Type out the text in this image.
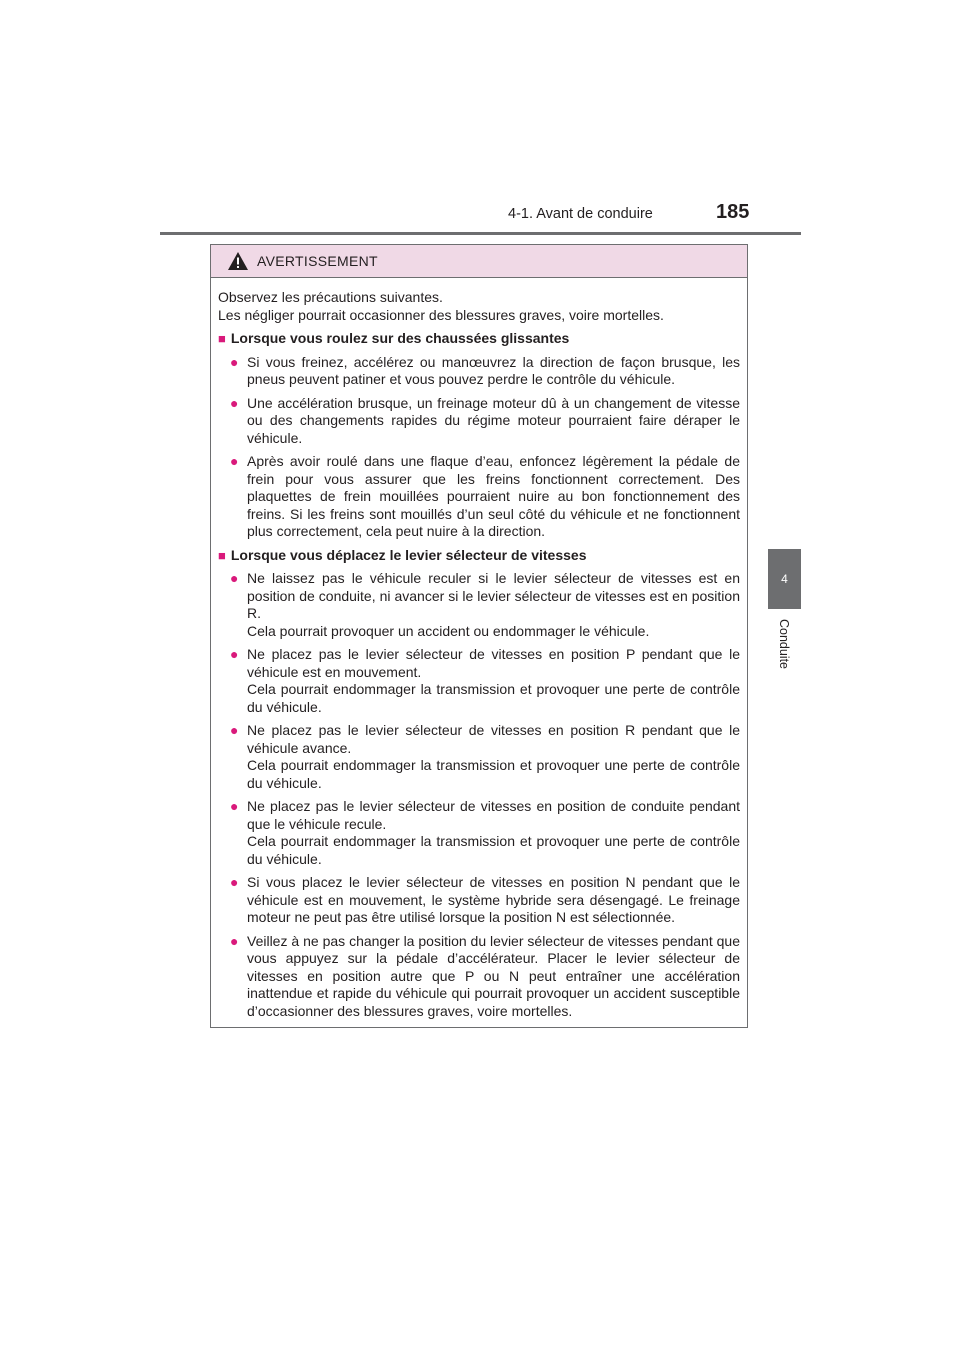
4-1. Avant de conduire	185
4
Conduite
AVERTISSEMENT

Observez les précautions suivantes.

Les négliger pourrait occasionner des blessures graves, voire mortelles.

■ Lorsque vous roulez sur des chaussées glissantes
● Si vous freinez, accélérez ou manœuvrez la direction de façon brusque, les pneus peuvent patiner et vous pouvez perdre le contrôle du véhicule.

● Une accélération brusque, un freinage moteur dû à un changement de vitesse ou des changements rapides du régime moteur pourraient faire déraper le véhicule.

● Après avoir roulé dans une flaque d’eau, enfoncez légèrement la pédale de frein pour vous assurer que les freins fonctionnent correctement. Des plaquettes de frein mouillées pourraient nuire au bon fonctionnement des freins. Si les freins sont mouillés d’un seul côté du véhicule et ne fonctionnent plus correctement, cela peut nuire à la direction.

■ Lorsque vous déplacez le levier sélecteur de vitesses
● Ne laissez pas le véhicule reculer si le levier sélecteur de vitesses est en position de conduite, ni avancer si le levier sélecteur de vitesses est en position R.

Cela pourrait provoquer un accident ou endommager le véhicule.

● Ne placez pas le levier sélecteur de vitesses en position P pendant que le véhicule est en mouvement.

Cela pourrait endommager la transmission et provoquer une perte de contrôle du véhicule.

● Ne placez pas le levier sélecteur de vitesses en position R pendant que le véhicule avance.

Cela pourrait endommager la transmission et provoquer une perte de contrôle du véhicule.

● Ne placez pas le levier sélecteur de vitesses en position de conduite pendant que le véhicule recule.

Cela pourrait endommager la transmission et provoquer une perte de contrôle du véhicule.

● Si vous placez le levier sélecteur de vitesses en position N pendant que le véhicule est en mouvement, le système hybride sera désengagé. Le freinage moteur ne peut pas être utilisé lorsque la position N est sélectionnée.

● Veillez à ne pas changer la position du levier sélecteur de vitesses pendant que vous appuyez sur la pédale d’accélérateur. Placer le levier sélecteur de vitesses en position autre que P ou N peut entraîner une accélération inattendue et rapide du véhicule qui pourrait provoquer un accident susceptible d’occasionner des blessures graves, voire mortelles.
